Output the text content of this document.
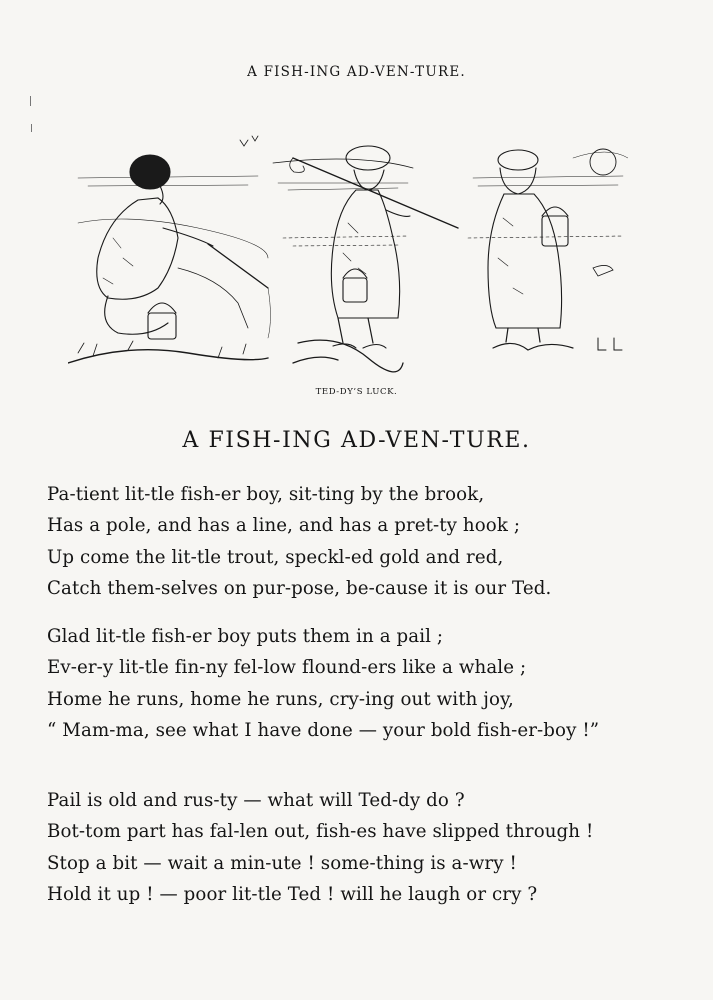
A FISH-ING AD-VEN-TURE.
TED-DY’S LUCK.
A FISH-ING AD-VEN-TURE.
Pa-tient lit-tle fish-er boy, sit-ting by the brook,
Has a pole, and has a line, and has a pret-ty hook ;
Up come the lit-tle trout, speckl-ed gold and red,
Catch them-selves on pur-pose, be-cause it is our Ted.
Glad lit-tle fish-er boy puts them in a pail ;
Ev-er-y lit-tle fin-ny fel-low flound-ers like a whale ;
Home he runs, home he runs, cry-ing out with joy,
“ Mam-ma, see what I have done — your bold fish-er-boy !”
Pail is old and rus-ty — what will Ted-dy do ?
Bot-tom part has fal-len out, fish-es have slipped through !
Stop a bit — wait a min-ute ! some-thing is a-wry !
Hold it up ! — poor lit-tle Ted ! will he laugh or cry ?
